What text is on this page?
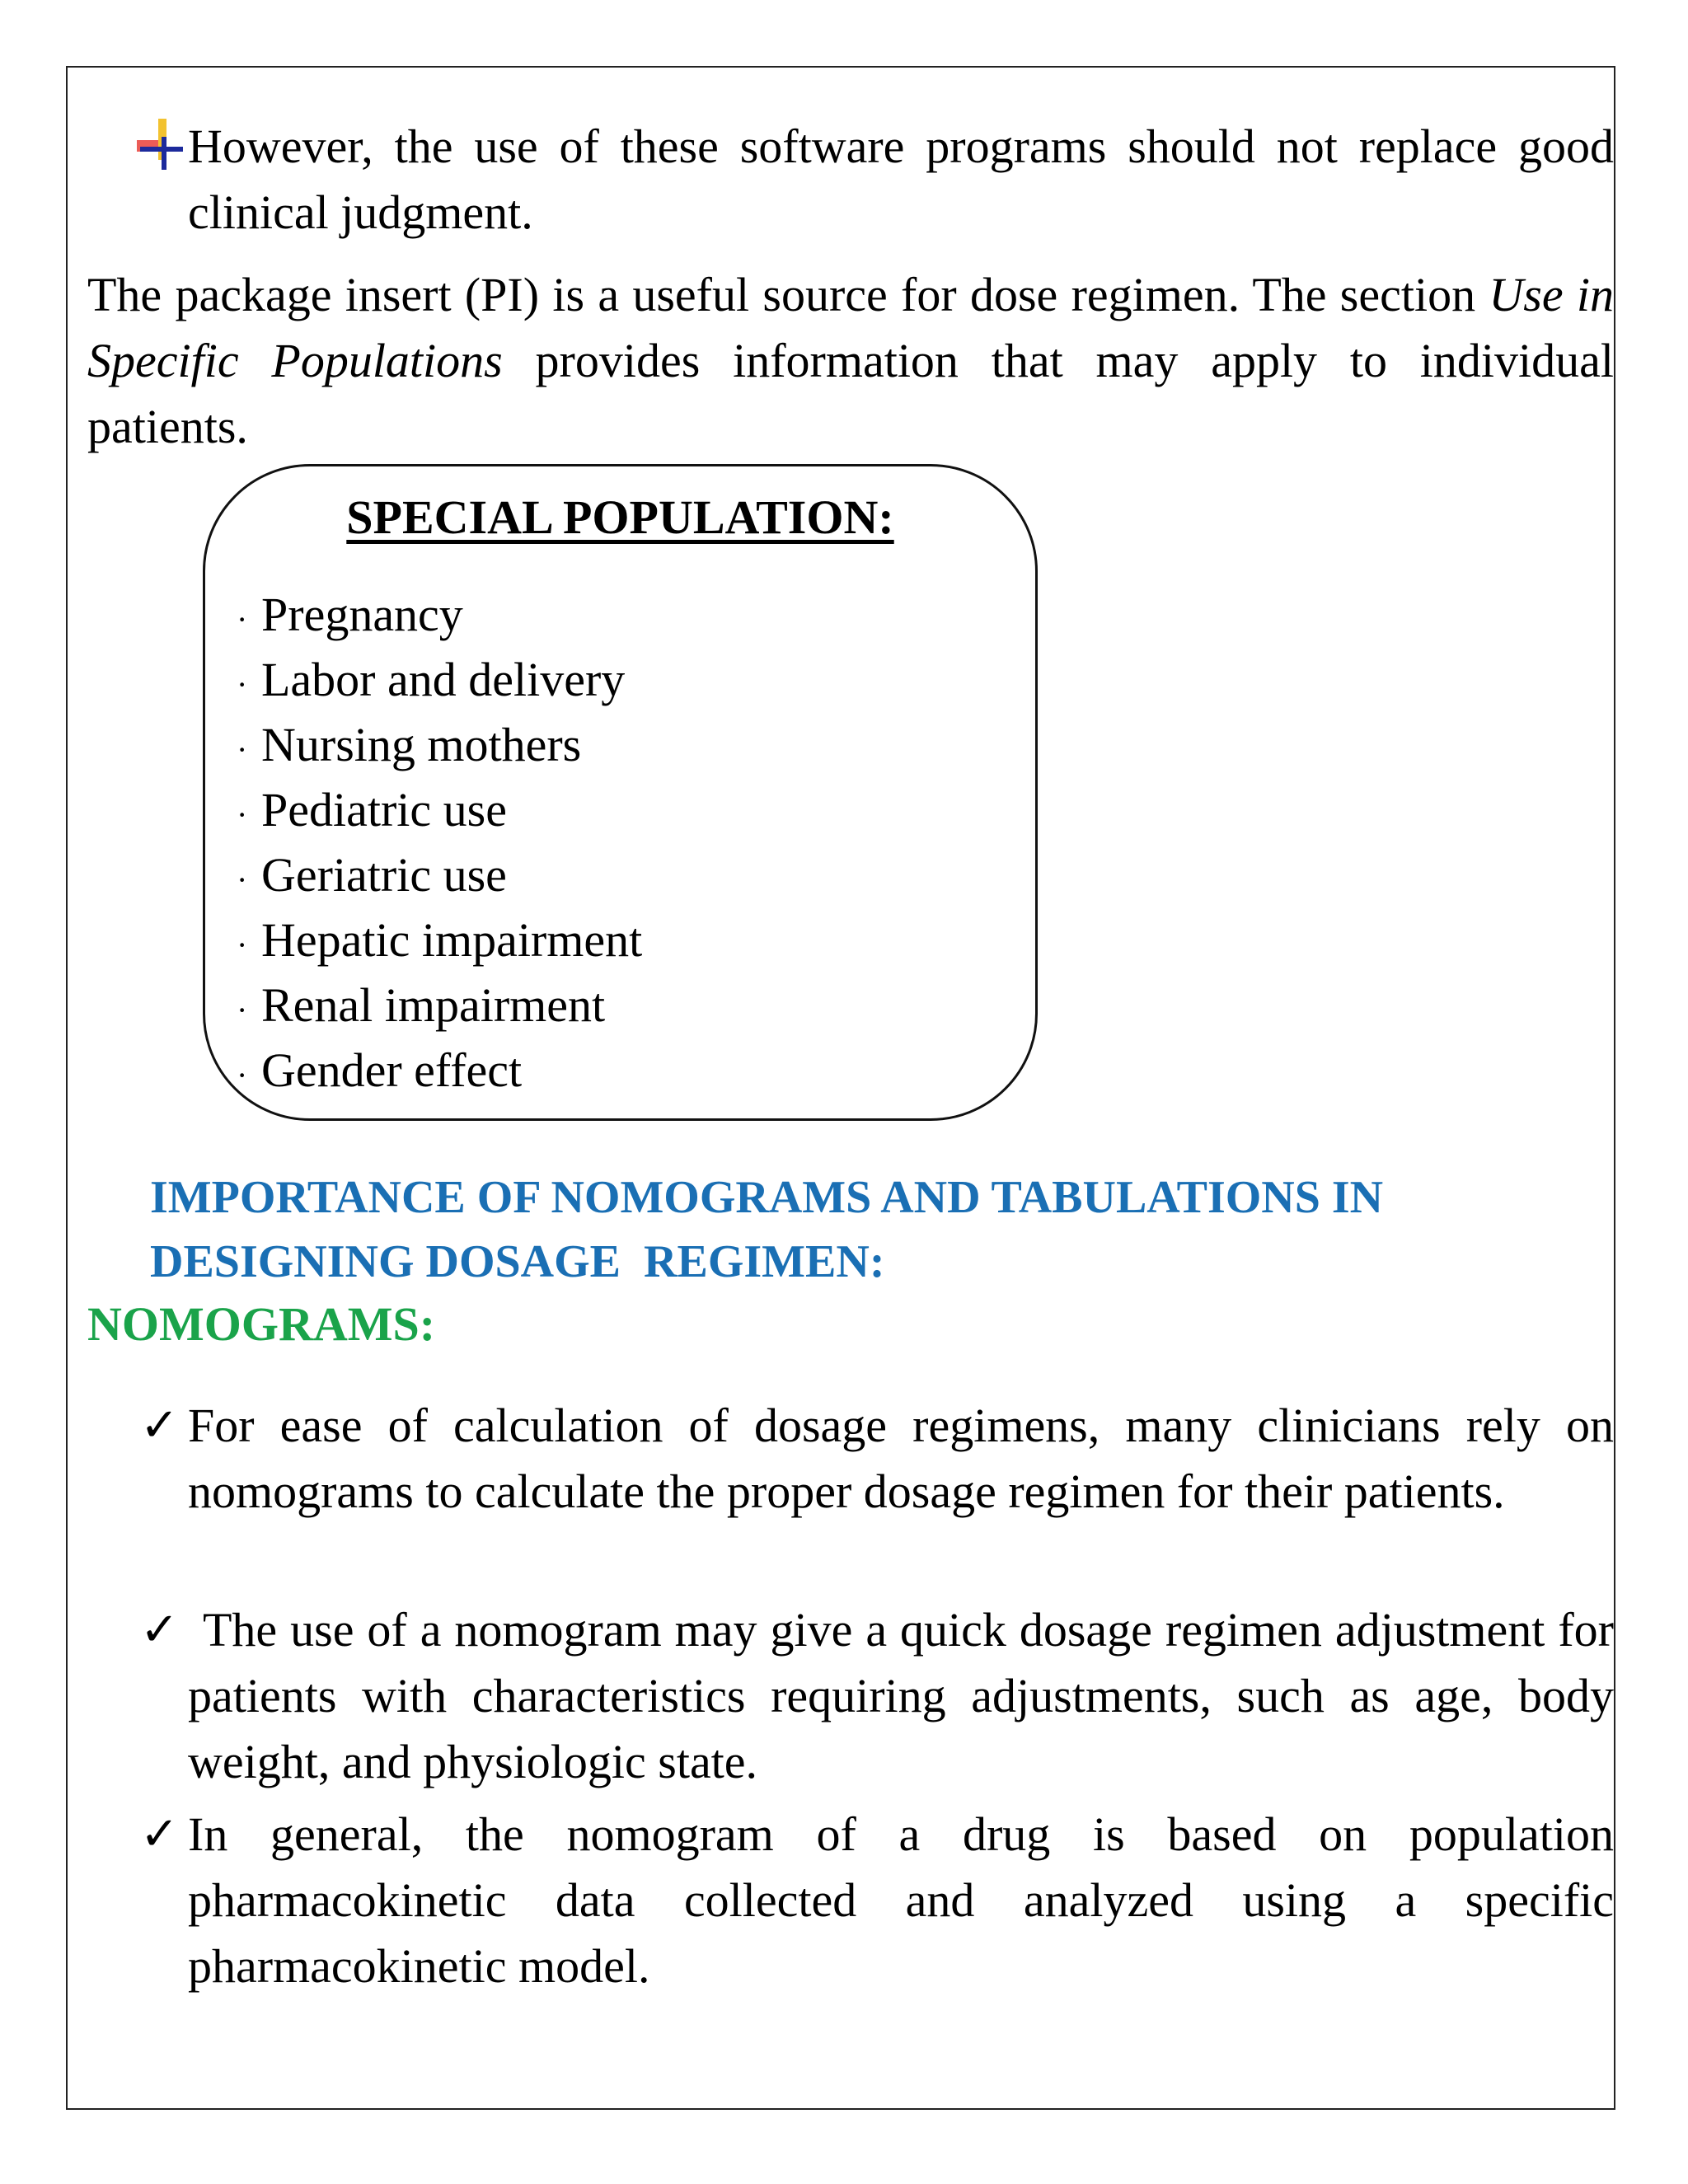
However, the use of these software programs should not replace good clinical judgment.
The package insert (PI) is a useful source for dose regimen. The section Use in Specific Populations provides information that may apply to individual patients.
SPECIAL POPULATION:
· Pregnancy
· Labor and delivery
· Nursing mothers
· Pediatric use
· Geriatric use
· Hepatic impairment
· Renal impairment
· Gender effect
IMPORTANCE OF NOMOGRAMS AND TABULATIONS IN
DESIGNING DOSAGE  REGIMEN:
NOMOGRAMS:
✓ For ease of calculation of dosage regimens, many clinicians rely on nomograms to calculate the proper dosage regimen for their patients.
✓ The use of a nomogram may give a quick dosage regimen adjustment for patients with characteristics requiring adjustments, such as age, body weight, and physiologic state.
✓ In general, the nomogram of a drug is based on population pharmacokinetic data collected and analyzed using a specific pharmacokinetic model.
